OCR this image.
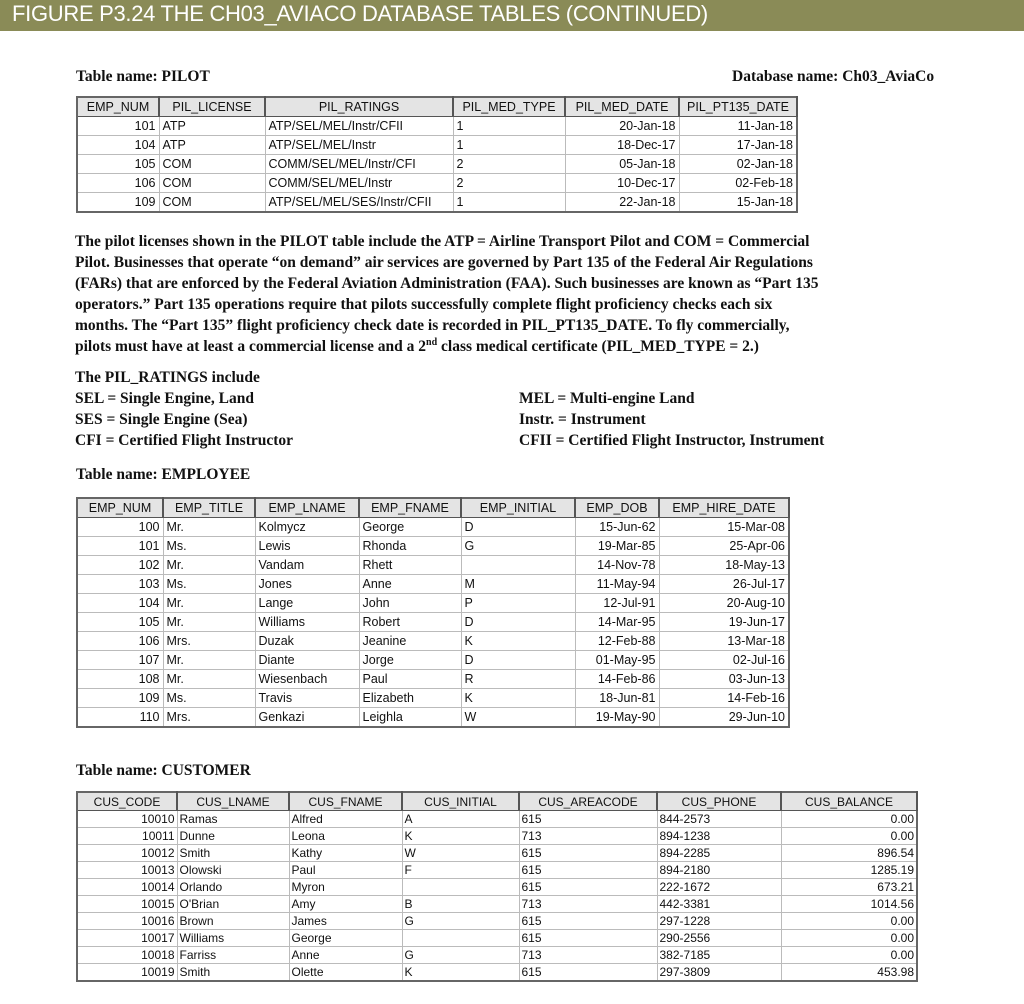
FIGURE P3.24 THE CH03_AVIACO DATABASE TABLES (CONTINUED)
Table name: PILOT	Database name: Ch03_AviaCo
EMP_NUM	PIL_LICENSE	PIL_RATINGS	PIL_MED_TYPE	PIL_MED_DATE	PIL_PT135_DATE
101	ATP	ATP/SEL/MEL/Instr/CFII	1	20-Jan-18	11-Jan-18
104	ATP	ATP/SEL/MEL/Instr	1	18-Dec-17	17-Jan-18
105	COM	COMM/SEL/MEL/Instr/CFI	2	05-Jan-18	02-Jan-18
106	COM	COMM/SEL/MEL/Instr	2	10-Dec-17	02-Feb-18
109	COM	ATP/SEL/MEL/SES/Instr/CFII	1	22-Jan-18	15-Jan-18
The pilot licenses shown in the PILOT table include the ATP = Airline Transport Pilot and COM = Commercial
Pilot. Businesses that operate “on demand” air services are governed by Part 135 of the Federal Air Regulations
(FARs) that are enforced by the Federal Aviation Administration (FAA). Such businesses are known as “Part 135
operators.” Part 135 operations require that pilots successfully complete flight proficiency checks each six
months. The “Part 135” flight proficiency check date is recorded in PIL_PT135_DATE. To fly commercially,
pilots must have at least a commercial license and a 2nd class medical certificate (PIL_MED_TYPE = 2.)
The PIL_RATINGS include
SEL = Single Engine, Land
SES = Single Engine (Sea)
CFI = Certified Flight Instructor
MEL = Multi-engine Land
Instr. = Instrument
CFII = Certified Flight Instructor, Instrument
Table name: EMPLOYEE
EMP_NUM	EMP_TITLE	EMP_LNAME	EMP_FNAME	EMP_INITIAL	EMP_DOB	EMP_HIRE_DATE
100	Mr.	Kolmycz	George	D	15-Jun-62	15-Mar-08
101	Ms.	Lewis	Rhonda	G	19-Mar-85	25-Apr-06
102	Mr.	Vandam	Rhett		14-Nov-78	18-May-13
103	Ms.	Jones	Anne	M	11-May-94	26-Jul-17
104	Mr.	Lange	John	P	12-Jul-91	20-Aug-10
105	Mr.	Williams	Robert	D	14-Mar-95	19-Jun-17
106	Mrs.	Duzak	Jeanine	K	12-Feb-88	13-Mar-18
107	Mr.	Diante	Jorge	D	01-May-95	02-Jul-16
108	Mr.	Wiesenbach	Paul	R	14-Feb-86	03-Jun-13
109	Ms.	Travis	Elizabeth	K	18-Jun-81	14-Feb-16
110	Mrs.	Genkazi	Leighla	W	19-May-90	29-Jun-10
Table name: CUSTOMER
CUS_CODE	CUS_LNAME	CUS_FNAME	CUS_INITIAL	CUS_AREACODE	CUS_PHONE	CUS_BALANCE
10010	Ramas	Alfred	A	615	844-2573	0.00
10011	Dunne	Leona	K	713	894-1238	0.00
10012	Smith	Kathy	W	615	894-2285	896.54
10013	Olowski	Paul	F	615	894-2180	1285.19
10014	Orlando	Myron		615	222-1672	673.21
10015	O'Brian	Amy	B	713	442-3381	1014.56
10016	Brown	James	G	615	297-1228	0.00
10017	Williams	George		615	290-2556	0.00
10018	Farriss	Anne	G	713	382-7185	0.00
10019	Smith	Olette	K	615	297-3809	453.98
